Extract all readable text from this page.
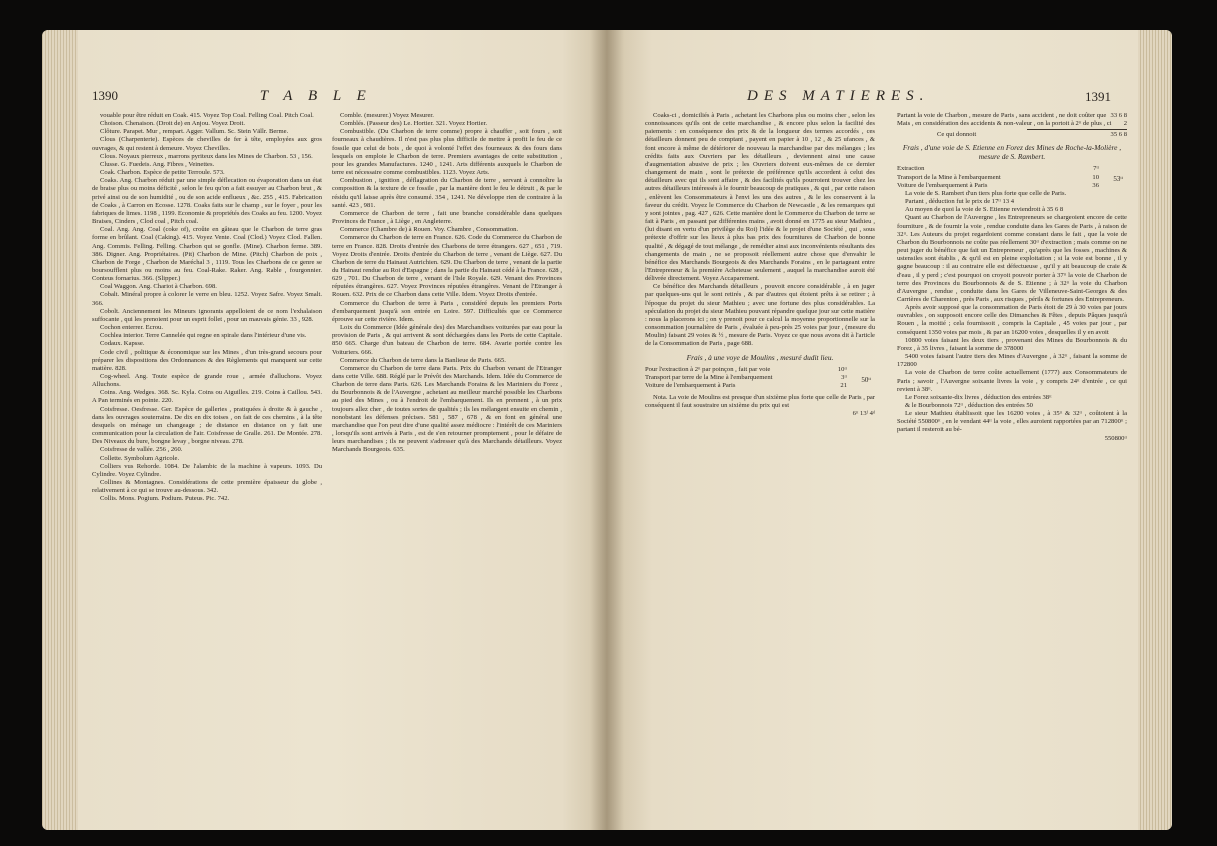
1390	T A B L E

vouable pour être réduit en Coak. 415. Voyez Top Coal. Felling Coal. Pitch Coal.

Choison. Chenaison. (Droit de) en Anjou. Voyez Droit.

Clôture. Parapet. Mur , rempart. Agger. Vallum. Sc. Stein Vällr. Berme.

Clous (Charpenterie). Espèces de chevilles de fer à tête, employées aux gros ouvrages, & qui restent à demeure. Voyez Chevilles.

Clous. Noyaux pierreux , marrons pyriteux dans les Mines de Charbon. 53 , 156.

Clusse. G. Fuedeis. Ang. Fibres , Veinettes.

Coak. Charbon. Espèce de petite Terroule. 573.

Coaks. Ang. Charbon réduit par une simple déflecation ou évaporation dans un état de braise plus ou moins déficité , selon le feu qu'on a fait essuyer au Charbon brut , & privé ainsi ou de son humidité , ou de son acide enflueux , &c. 255 , 415. Fabrication de Coaks , à Carron en Ecosse. 1278. Coaks faits sur le champ , sur le foyer , pour les fabriques de limes. 1198 , 1199. Economie & propriétés des Coaks au feu. 1200. Voyez Braises, Cinders , Clod coal , Pitch coal.

Coal. Ang. Ang. Coal (coke of), croûte en gâteau que le Charbon de terre gras forme en brûlant. Coal (Caking). 415. Voyez Vente. Coal (Clod.) Voyez Clod. Fallen. Ang. Commis. Felling. Felling. Charbon qui se gonfle. (Mine). Charbon ferme. 389. 386. Digner. Ang. Propriétaires. (Pit) Charbon de Mine. (Pitch) Charbon de poix , Charbon de Forge , Charbon de Maréchal 3 , 1119. Tous les Charbons de ce genre se boursoufflent plus ou moins au feu. Coal-Rake. Raker. Ang. Rable , fourgonnier. Conteus fornarius. 366. (Slipper.)

Coal Waggon. Ang. Chariot à Charbon. 698.

Cobalt. Minéral propre à colorer le verre en bleu. 1252. Voyez Safre. Voyez Smalt. 366.

Cobolt. Anciennement les Mineurs ignorants appelloient de ce nom l'exhalaison suffocante , qui les prenoient pour un esprit follet , pour un mauvais génie. 33 , 928.

Cochon enterrer. Ecrou.

Cochlea interior. Terre Cannelée qui regne en spirale dans l'intérieur d'une vis.

Codaux. Kapsse.

Code civil , politique & économique sur les Mines , d'un très-grand secours pour préparer les dispositions des Ordonnances & des Règlements qui manquent sur cette matière. 828.

Cog-wheel. Ang. Toute espèce de grande roue , armée d'alluchons. Voyez Alluchons.

Coins. Ang. Wedges. 368. Sc. Kyla. Coins ou Aiguilles. 219. Coins à Caillou. 543. A Pan terminés en pointe. 220.

Coisfresse. Oesfresse. Ger. Espèce de galleries , pratiquées à droite & à gauche , dans les ouvrages souterrains. De dix en dix toises , on fait de ces chemins , à la tête desquels on ménage un changeage ; de distance en distance on y fait une communication pour la circulation de l'air. Coisfresse de Gralle. 261. De Montée. 278. Des Niveaux du bure, bongne levay , borgne niveau. 278.

Coisfresse de vallée. 256 , 260.

Collette. Symbolum Agricole.

Colliers vus Rehorde. 1084. De l'alambic de la machine à vapeurs. 1093. Du Cylindre. Voyez Cylindre.

Collines & Montagnes. Considérations de cette première épaisseur du globe , relativement à ce qui se trouve au-dessous. 342.

Collis. Mons. Pogium. Podium. Puteus. Pic. 742.

Comble. (mesurer.) Voyez Mesurer.

Comblés. (Passeur des) Le. Hortier. 321. Voyez Hortier.

Combustible. (Du Charbon de terre comme) propre à chauffer , soit fours , soit fourneaux à chaudières. Il n'est pas plus plus difficile de mettre à profit le feu de ce fossile que celui de bois , de quoi à volonté l'effet des fourneaux & des fours dans lesquels on emploie le Charbon de terre. Premiers avantages de cette substitution , pour les grandes Manufactures. 1240 , 1241. Arts différents auxquels le Charbon de terre est nécessaire comme combustibles. 1123. Voyez Arts.

Combustion , ignition , déflagration du Charbon de terre , servant à connoître la composition & la texture de ce fossile , par la manière dont le feu le détruit , & par le résidu qu'il laisse après être consumé. 354 , 1241. Ne développe rien de contraire à la santé. 423 , 981.

Commerce de Charbon de terre , fait une branche considérable dans quelques Provinces de France , à Liège , en Angleterre.

Commerce (Chambre de) à Rouen. Voy. Chambre , Consommation.

Commerce du Charbon de terre en France. 626. Code du Commerce du Charbon de terre en France. 828. Droits d'entrée des Charbons de terre étrangers. 627 , 651 , 719. Voyez Droits d'entrée. Droits d'entrée du Charbon de terre , venant de Liège. 627. Du Charbon de terre du Hainaut Autrichien. 629. Du Charbon de terre , venant de la partie du Hainaut rendue au Roi d'Espagne ; dans la partie du Hainaut cédé à la France. 628 , 629 , 701. Du Charbon de terre , venant de l'Isle Royale. 629. Venant des Provinces réputées étrangères. 627. Voyez Provinces réputées étrangères. Venant de l'Etranger à Rouen. 632. Prix de ce Charbon dans cette Ville. Idem. Voyez Droits d'entrée.

Commerce du Charbon de terre à Paris , considéré depuis les premiers Ports d'embarquement jusqu'à son entrée en Loire. 597. Difficultés que ce Commerce éprouve sur cette rivière. Idem.

Loix du Commerce (Idée générale des) des Marchandises voiturées par eau pour la provision de Paris , & qui arrivent & sont déchargées dans les Ports de cette Capitale. 850 665. Charge d'un bateau de Charbon de terre. 684. Avarie portée contre les Voituriers. 666.

Commerce du Charbon de terre dans la Banlieue de Paris. 665.

Commerce du Charbon de terre dans Paris. Prix du Charbon venant de l'Etranger dans cette Ville. 688. Réglé par le Prévôt des Marchands. Idem. Idée du Commerce de Charbon de terre dans Paris. 626. Les Marchands Forains & les Mariniers du Forez , du Bourbonnois & de l'Auvergne , achetant au meilleur marché possible les Charbons au pied des Mines , ou à l'endroit de l'embarquement. Ils en prennent , à un prix toujours allez cher , de toutes sortes de qualités ; ils les mélangent ensuite en chemin , nonobstant les défenses précises. 581 , 587 , 678 , & en font en général une marchandise que l'on peut dire d'une qualité assez médiocre : l'intérêt de ces Mariniers , lorsqu'ils sont arrivés à Paris , est de s'en retourner promptement , pour le défaire de leurs marchandises ; ils ne peuvent s'adresser qu'à des Marchands détailleurs. Voyez Marchands Bourgeois. 635.

DES MATIERES.	1391

Coaks-ci , domiciliés à Paris , achetant les Charbons plus ou moins cher , selon les connoissances qu'ils ont de cette marchandise , & encore plus selon la facilité des paiements : en conséquence des prix & de la longueur des termes accordés , ces détailleurs donnent peu de comptant , payent en papier à 10 , 12 , & 25 ufances , & font encore à même de détériorer de nouveau la marchandise par des mélanges ; les crédits faits aux Ouvriers par les détailleurs , deviennent ainsi une cause d'augmentation abusive de prix ; les Ouvriers doivent eux-mêmes de ce dernier changement de main , sont le prétexte de préférence qu'ils accordent à celui des détailleurs avec qui ils sont affaire , & des facilités qu'ils pourroient trouver chez les autres détailleurs intéressés à le fournir beaucoup de pratiques , & qui , par cette raison , enlèvent les Consommateurs à l'envi les uns des autres , & le les conservent à la faveur du crédit. Voyez le Commerce du Charbon de Newcastle , & les remarques qui y sont jointes , pag. 427 , 626. Cette manière dont le Commerce du Charbon de terre se fait à Paris , en passant par différentes mains , avoit donné en 1775 au sieur Mathieu , (lui disant en vertu d'un privilège du Roi) l'idée & le projet d'une Société , qui , sous prétexte d'offrir sur les lieux à plus bas prix des fournitures de Charbon de bonne qualité , & dégagé de tout mélange , de remédier ainsi aux inconvénients résultants des changements de main , ne se proposoit réellement autre chose que d'envahir le bénéfice des Marchands Bourgeois & des Marchands Forains , en le partageant entre l'Entrepreneur & la première Acheteuse seulement , auquel la marchandise auroit été délivrée directement. Voyez Accaparement.

Ce bénéfice des Marchands détailleurs , pouvoit encore considérable , à en juger par quelques-uns qui le sont retirés , & par d'autres qui étoient prêts à se retirer ; à l'époque du projet du sieur Mathieu ; avec une fortune des plus considérables. La spéculation du projet du sieur Mathieu pouvant répandre quelque jour sur cette matière : nous la placerons ici ; on y prenoit pour ce calcul la moyenne proportionnelle sur la consommation journalière de Paris , évaluée à peu-près 25 voies par jour , (mesure du Moulin) faisant 29 voies & ½ , mesure de Paris. Voyez ce que nous avons dit à l'article de la Consommation de Paris , page 688.

Frais , à une voye de Moulins , mesuré dudit lieu.

Pour l'extraction à 2ᵗᵗ par poinçon , fait par voie	10ᵗᵗ
Transport par terre de la Mine à l'embarquement	3ᵗᵗ
Voiture de l'embarquement à Paris	21
50ᵗᵗ

Nota. La voie de Moulins est presque d'un sixième plus forte que celle de Paris , par conséquent il faut soustraire un sixième du prix qui est

6ᵗᵗ 13ᶠ 4ᵈ
Partant la voie de Charbon , mesure de Paris , sans accident , ne doit coûter que 33 6 8
Mais , en considération des accidents & non-valeur , on la portoit à 2ᵗᵗ de plus , ci 2
Ce qui donnoit	35 6 8

Frais , d'une voie de S. Etienne en Forez des Mines de Roche-la-Molière , mesure de S. Rambert.

Extraction	7ᵗᵗ
Transport de la Mine à l'embarquement	10
Voiture de l'embarquement à Paris	36
53ᵗᵗ

La voie de S. Rambert d'un tiers plus forte que celle de Paris.

Partant , déduction fut le prix de 17ᵗᵗ 13 4

Au moyen de quoi la voie de S. Etienne reviendroit à 35 6 8

Quant au Charbon de l'Auvergne , les Entrepreneurs se chargeoient encore de cette fourniture , & de fournir la voie , rendue conduite dans les Gares de Paris , à raison de 32ᵗᵗ. Les Auteurs du projet regardoient comme constant dans le fait , que la voie de Charbon du Bourbonnois ne coûte pas réellement 30ᵗᵗ d'extraction ; mais comme on ne peut juger du bénéfice que fait un Entrepreneur , qu'après que les fosses , machines & ustensiles sont établis , & qu'il est en pleine exploitation ; si la voie est bonne , il y gagne beaucoup : il au contraire elle est défectueuse , qu'il y ait beaucoup de craie & d'eau , il y perd ; c'est pourquoi on croyoit pouvoir porter à 37ᵗᵗ la voie de Charbon de terre des Provinces du Bourbonnois & de S. Etienne ; à 32ᵗᵗ la voie du Charbon d'Auvergne , rendue , conduite dans les Gares de Villeneuve-Saint-Georges & des Carrières de Charenton , près Paris , aux risques , périls & fortunes des Entrepreneurs.

Après avoir supposé que la consommation de Paris étoit de 29 à 30 voies par jours ouvrables , on supposoit encore celle des Dimanches & Fêtes , depuis Pâques jusqu'à Rouen , la moitié ; cela fournissoit , compris la Capitale , 45 voies par jour , par conséquent 1350 voies par mois , & par an 16200 voies , desquelles il y en avoit

10800 voies faisant les deux tiers , provenant des Mines du Bourbonnois & du Forez , à 35 livres , faisant la somme de 378000

5400 voies faisant l'autre tiers des Mines d'Auvergne , à 32ᵗᵗ , faisant la somme de 172800

La voie de Charbon de terre coûte actuellement (1777) aux Consommateurs de Paris ; savoir , l'Auvergne soixante livres la voie , y compris 24ᵗᵗ d'entrée , ce qui revient à 38ᵗᵗ.

Le Forez soixante-dix livres , déduction des entrées 38ᵗᵗ

& le Bourbonnois 72ᵗᵗ , déduction des entrées 50

Le sieur Mathieu établissoit que les 16200 voies , à 35ᵗᵗ & 32ᵗᵗ , coûtoient à la Société 550800ᵗᵗ , en le vendant 44ᵗᵗ la voie , elles auroient rapportées par an 712800ᵗᵗ ; partant il resteroit au bé-

550800ᵗᵗ
